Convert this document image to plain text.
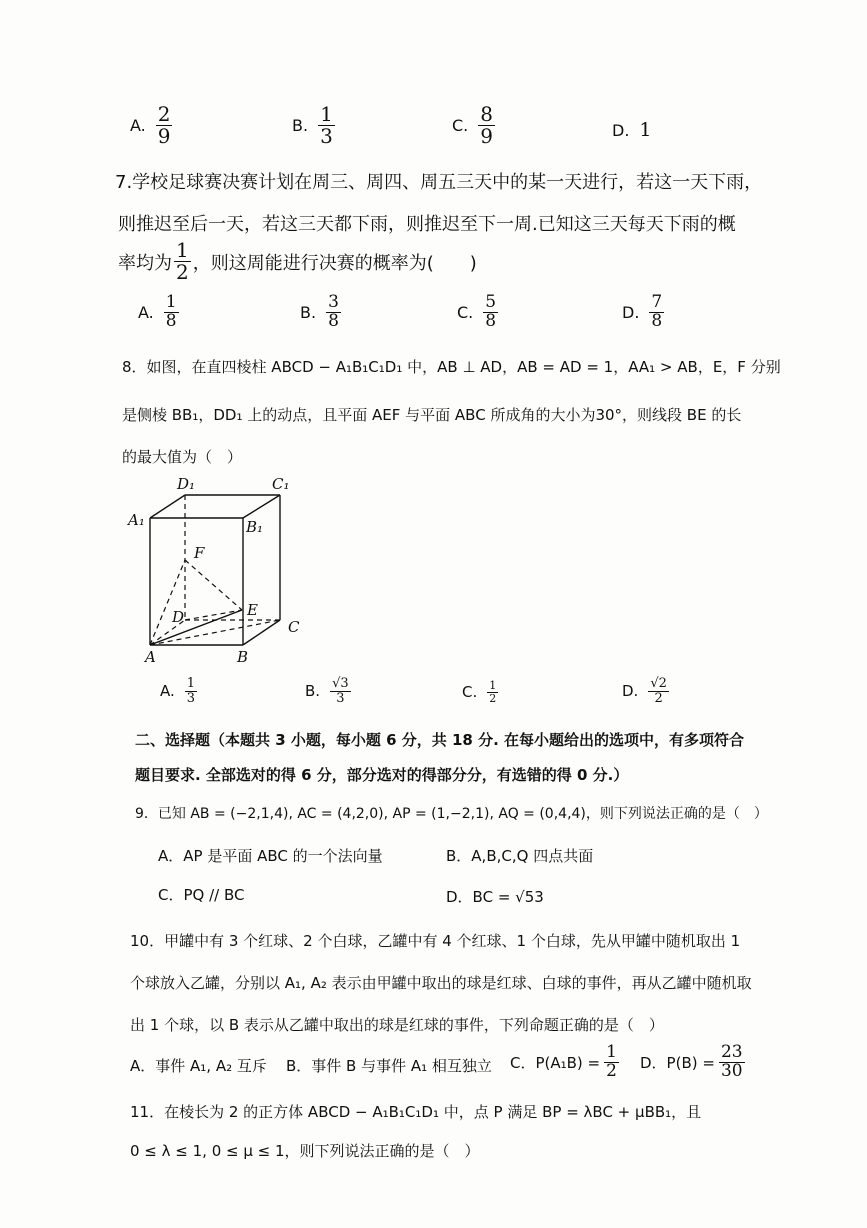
A. $\frac{2}{9}$	B. $\frac{1}{3}$	C. $\frac{8}{9}$	D. 1
7.学校足球赛决赛计划在周三、周四、周五三天中的某一天进行，若这一天下雨，
则推迟至后一天，若这三天都下雨，则推迟至下一周.已知这三天每天下雨的概
率均为 $\frac{1}{2}$ ，则这周能进行决赛的概率为(　　)
A. $\frac{1}{8}$	B. $\frac{3}{8}$	C. $\frac{5}{8}$	D. $\frac{7}{8}$
8．如图，在直四棱柱 ABCD − A₁B₁C₁D₁ 中，AB ⊥ AD，AB = AD = 1，AA₁ > AB，E，F 分别
是侧棱 BB₁，DD₁ 上的动点，且平面 AEF 与平面 ABC 所成角的大小为30°，则线段 BE 的长
的最大值为（　）
D₁	C₁
A₁	B₁
F
D	E
C
A	B
A. $\frac{1}{3}$	B. $\frac{√3}{3}$	C. $\frac{1}{2}$	D. $\frac{√2}{2}$
二、选择题（本题共 3 小题，每小题 6 分，共 18 分. 在每小题给出的选项中，有多项符合
题目要求. 全部选对的得 6 分，部分选对的得部分分，有选错的得 0 分.）
9．已知 AB = (−2,1,4), AC = (4,2,0), AP = (1,−2,1), AQ = (0,4,4)，则下列说法正确的是（　）
A．AP 是平面 ABC 的一个法向量	B．A,B,C,Q 四点共面
C．PQ // BC	D．BC = √53
10．甲罐中有 3 个红球、2 个白球，乙罐中有 4 个红球、1 个白球，先从甲罐中随机取出 1
个球放入乙罐，分别以 A₁, A₂ 表示由甲罐中取出的球是红球、白球的事件，再从乙罐中随机取
出 1 个球，以 B 表示从乙罐中取出的球是红球的事件，下列命题正确的是（　）
A．事件 A₁, A₂ 互斥 B．事件 B 与事件 A₁ 相互独立 C．$P(A_1B) = \frac{1}{2}$ D．$P(B) = \frac{23}{30}$
11．在棱长为 2 的正方体 ABCD − A₁B₁C₁D₁ 中，点 P 满足 BP = λBC + μBB₁，且
0 ≤ λ ≤ 1, 0 ≤ μ ≤ 1，则下列说法正确的是（　）
